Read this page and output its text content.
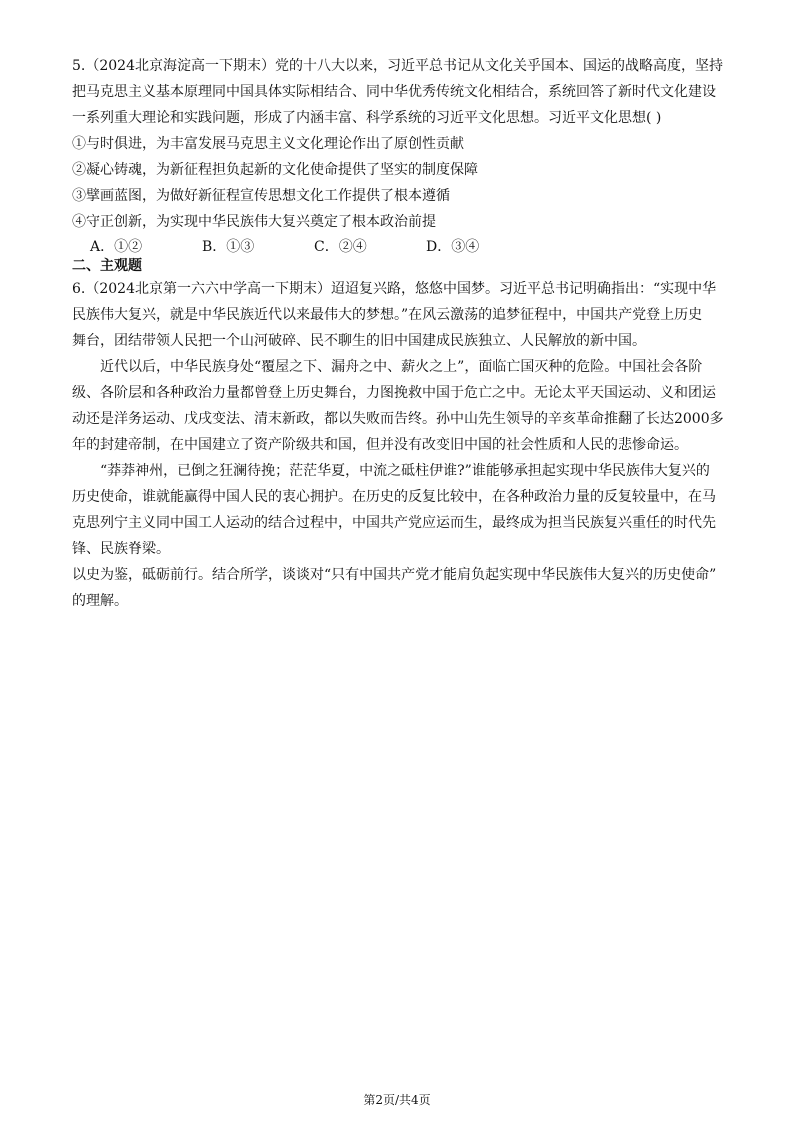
5.（2024北京海淀高一下期末）党的十八大以来，习近平总书记从文化关乎国本、国运的战略高度，坚持

把马克思主义基本原理同中国具体实际相结合、同中华优秀传统文化相结合，系统回答了新时代文化建设

一系列重大理论和实践问题，形成了内涵丰富、科学系统的习近平文化思想。习近平文化思想( )

①与时俱进，为丰富发展马克思主义文化理论作出了原创性贡献

②凝心铸魂，为新征程担负起新的文化使命提供了坚实的制度保障

③擘画蓝图，为做好新征程宣传思想文化工作提供了根本遵循

④守正创新，为实现中华民族伟大复兴奠定了根本政治前提

A．①②	B．①③	C．②④	D．③④

二、主观题

6.（2024北京第一六六中学高一下期末）迢迢复兴路，悠悠中国梦。习近平总书记明确指出：“实现中华

民族伟大复兴，就是中华民族近代以来最伟大的梦想。”在风云激荡的追梦征程中，中国共产党登上历史

舞台，团结带领人民把一个山河破碎、民不聊生的旧中国建成民族独立、人民解放的新中国。

近代以后，中华民族身处“覆屋之下、漏舟之中、薪火之上”，面临亡国灭种的危险。中国社会各阶

级、各阶层和各种政治力量都曾登上历史舞台，力图挽救中国于危亡之中。无论太平天国运动、义和团运

动还是洋务运动、戊戌变法、清末新政，都以失败而告终。孙中山先生领导的辛亥革命推翻了长达2000多

年的封建帝制，在中国建立了资产阶级共和国，但并没有改变旧中国的社会性质和人民的悲惨命运。

“莽莽神州，已倒之狂澜待挽；茫茫华夏，中流之砥柱伊谁?”谁能够承担起实现中华民族伟大复兴的

历史使命，谁就能赢得中国人民的衷心拥护。在历史的反复比较中，在各种政治力量的反复较量中，在马

克思列宁主义同中国工人运动的结合过程中，中国共产党应运而生，最终成为担当民族复兴重任的时代先

锋、民族脊梁。

以史为鉴，砥砺前行。结合所学，谈谈对“只有中国共产党才能肩负起实现中华民族伟大复兴的历史使命”

的理解。

第2页/共4页
